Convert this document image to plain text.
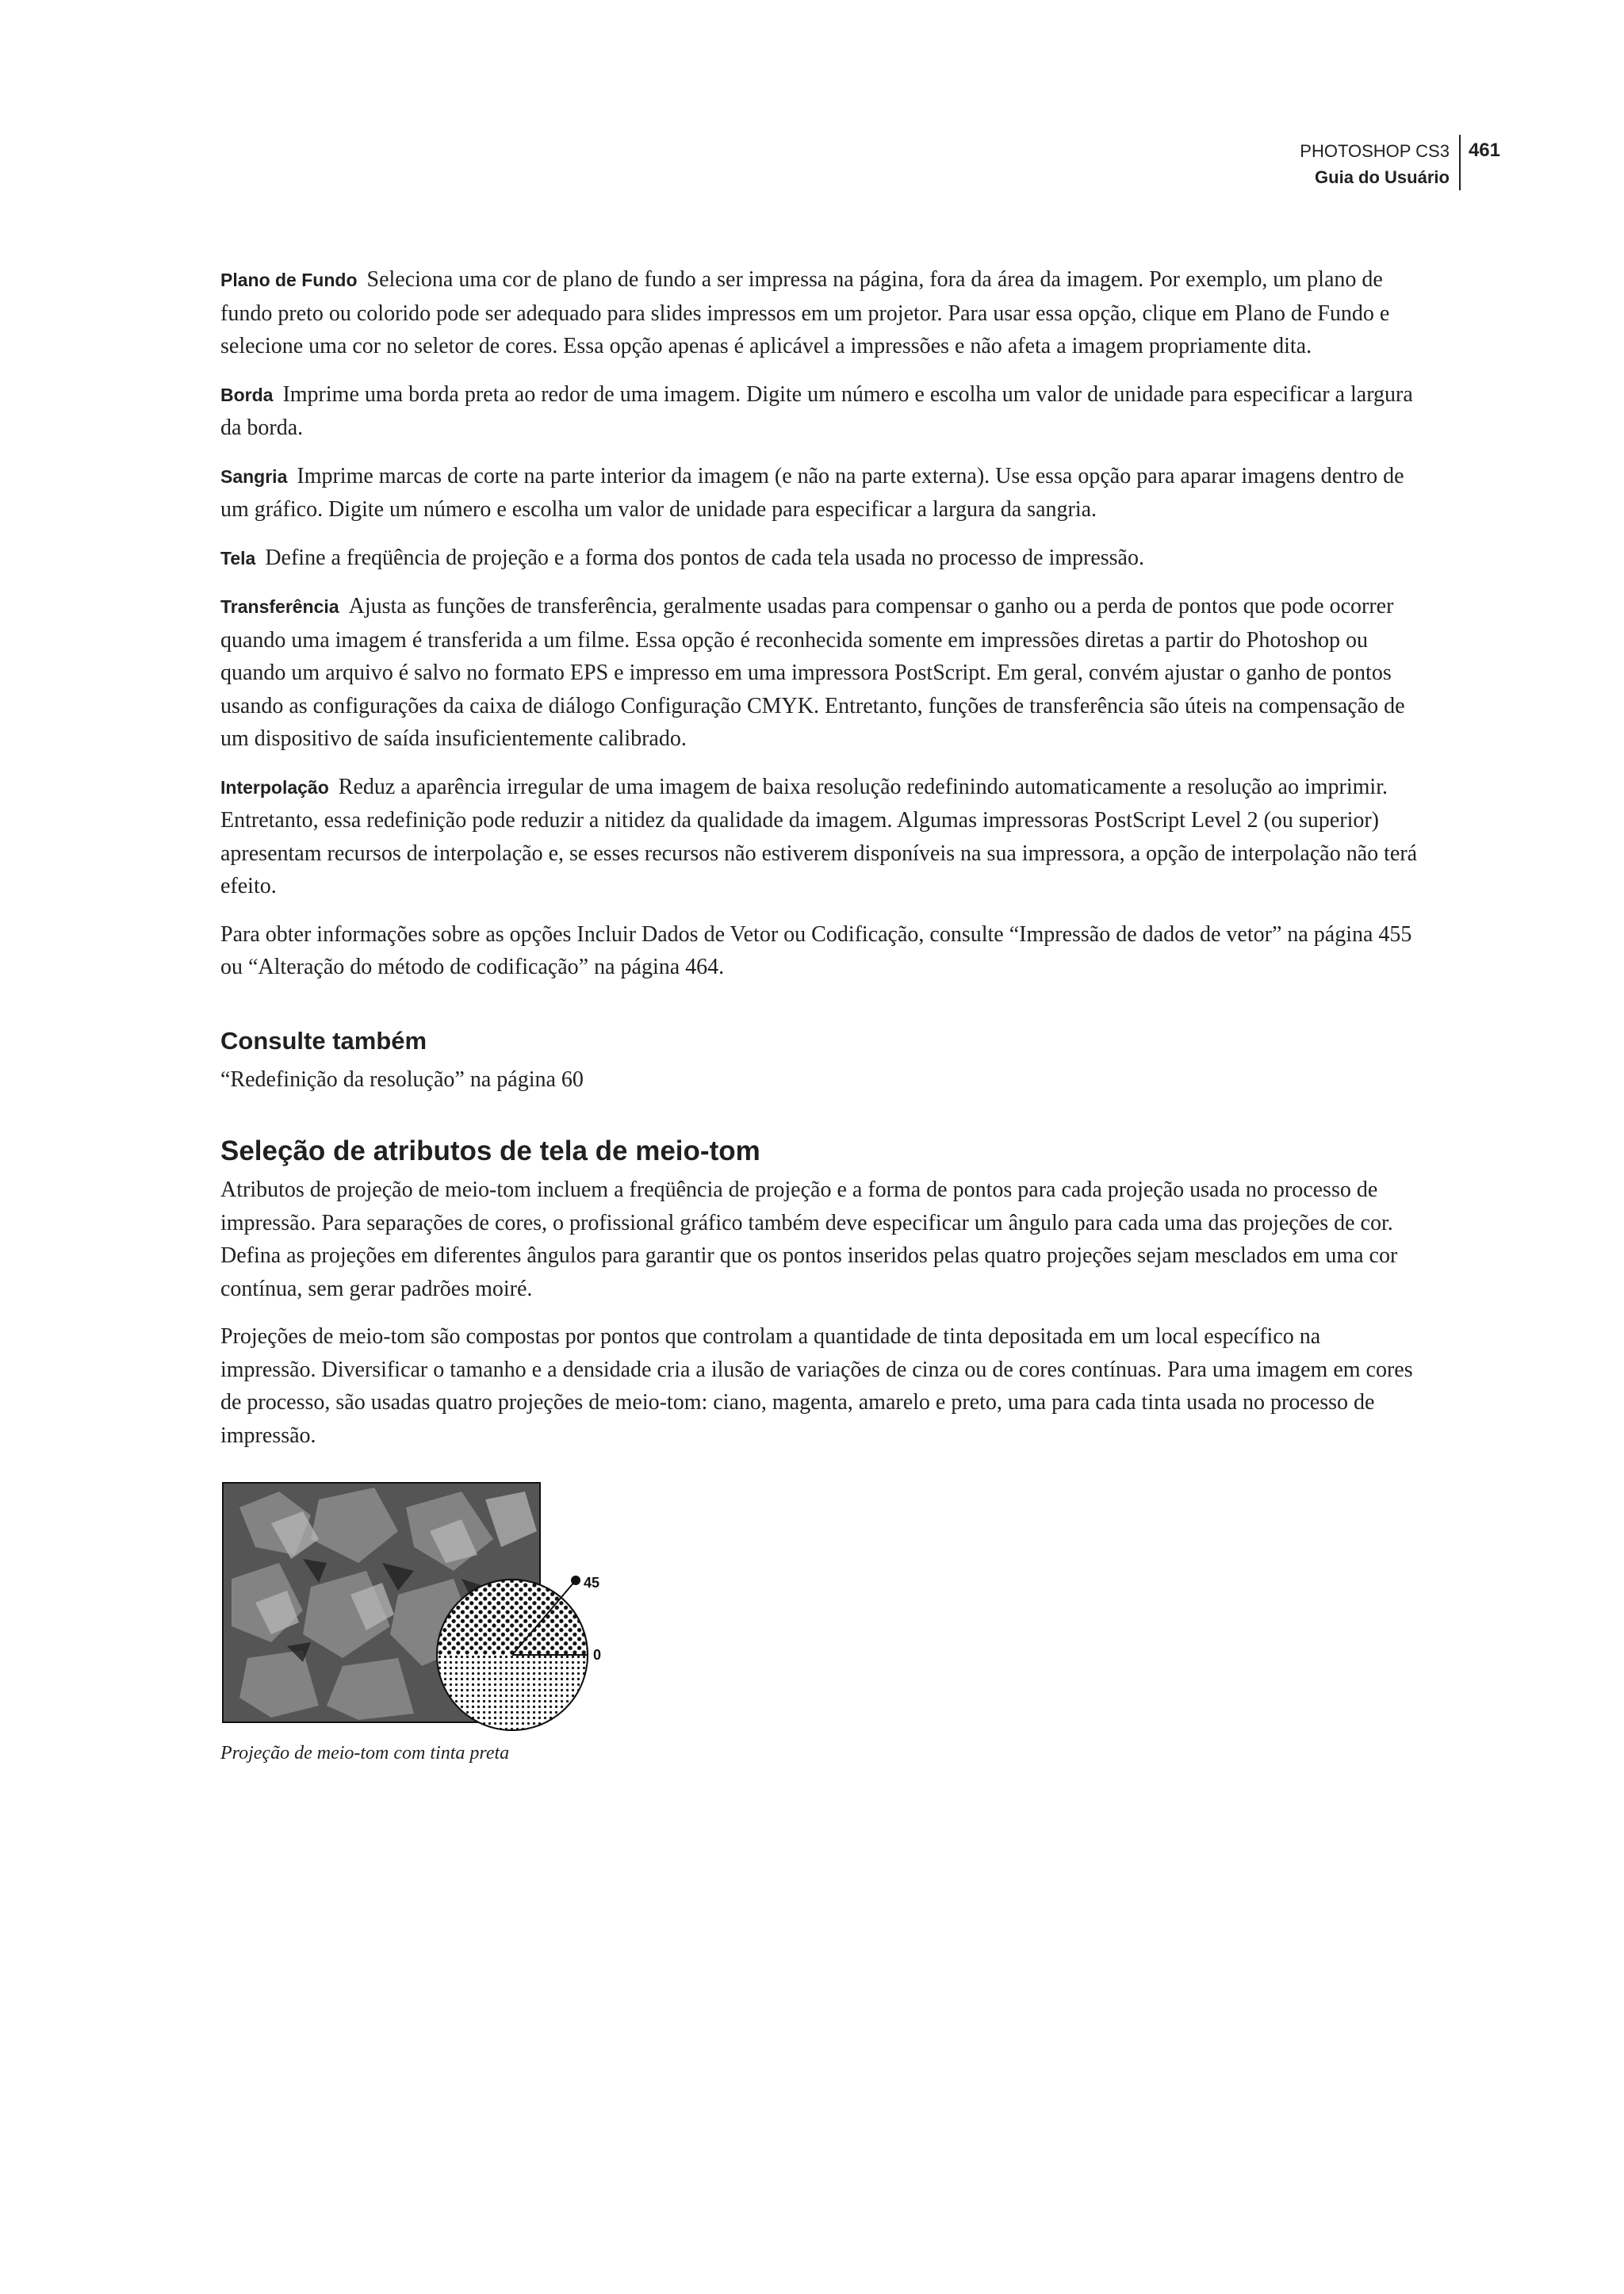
PHOTOSHOP CS3
Guia do Usuário
461

Plano de Fundo Seleciona uma cor de plano de fundo a ser impressa na página, fora da área da imagem. Por exemplo, um plano de fundo preto ou colorido pode ser adequado para slides impressos em um projetor. Para usar essa opção, clique em Plano de Fundo e selecione uma cor no seletor de cores. Essa opção apenas é aplicável a impressões e não afeta a imagem propriamente dita.

Borda Imprime uma borda preta ao redor de uma imagem. Digite um número e escolha um valor de unidade para especificar a largura da borda.

Sangria Imprime marcas de corte na parte interior da imagem (e não na parte externa). Use essa opção para aparar imagens dentro de um gráfico. Digite um número e escolha um valor de unidade para especificar a largura da sangria.

Tela Define a freqüência de projeção e a forma dos pontos de cada tela usada no processo de impressão.

Transferência Ajusta as funções de transferência, geralmente usadas para compensar o ganho ou a perda de pontos que pode ocorrer quando uma imagem é transferida a um filme. Essa opção é reconhecida somente em impressões diretas a partir do Photoshop ou quando um arquivo é salvo no formato EPS e impresso em uma impressora PostScript. Em geral, convém ajustar o ganho de pontos usando as configurações da caixa de diálogo Configuração CMYK. Entretanto, funções de transferência são úteis na compensação de um dispositivo de saída insuficientemente calibrado.

Interpolação Reduz a aparência irregular de uma imagem de baixa resolução redefinindo automaticamente a resolução ao imprimir. Entretanto, essa redefinição pode reduzir a nitidez da qualidade da imagem. Algumas impressoras PostScript Level 2 (ou superior) apresentam recursos de interpolação e, se esses recursos não estiverem disponíveis na sua impressora, a opção de interpolação não terá efeito.

Para obter informações sobre as opções Incluir Dados de Vetor ou Codificação, consulte “Impressão de dados de vetor” na página 455 ou “Alteração do método de codificação” na página 464.

Consulte também

“Redefinição da resolução” na página 60

Seleção de atributos de tela de meio-tom

Atributos de projeção de meio-tom incluem a freqüência de projeção e a forma de pontos para cada projeção usada no processo de impressão. Para separações de cores, o profissional gráfico também deve especificar um ângulo para cada uma das projeções de cor. Defina as projeções em diferentes ângulos para garantir que os pontos inseridos pelas quatro projeções sejam mesclados em uma cor contínua, sem gerar padrões moiré.

Projeções de meio-tom são compostas por pontos que controlam a quantidade de tinta depositada em um local específico na impressão. Diversificar o tamanho e a densidade cria a ilusão de variações de cinza ou de cores contínuas. Para uma imagem em cores de processo, são usadas quatro projeções de meio-tom: ciano, magenta, amarelo e preto, uma para cada tinta usada no processo de impressão.

45
0
Projeção de meio-tom com tinta preta
